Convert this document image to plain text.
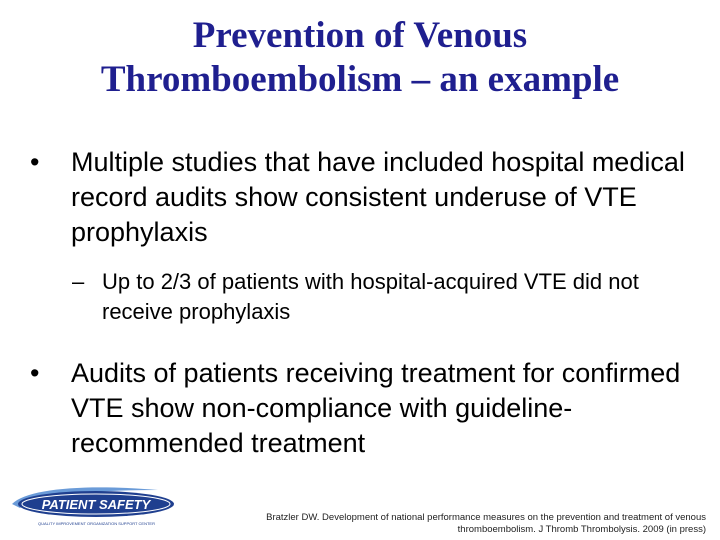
Prevention of Venous
Thromboembolism – an example
•	Multiple studies that have included hospital medical record audits show consistent underuse of VTE prophylaxis
– Up to 2/3 of patients with hospital-acquired VTE did not receive prophylaxis
•	Audits of patients receiving treatment for confirmed VTE show non-compliance with guideline-recommended treatment
PATIENT SAFETY
QUALITY IMPROVEMENT ORGANIZATION SUPPORT CENTER
Bratzler DW. Development of national performance measures on the prevention and treatment of venous
thromboembolism. J Thromb Thrombolysis. 2009 (in press)
